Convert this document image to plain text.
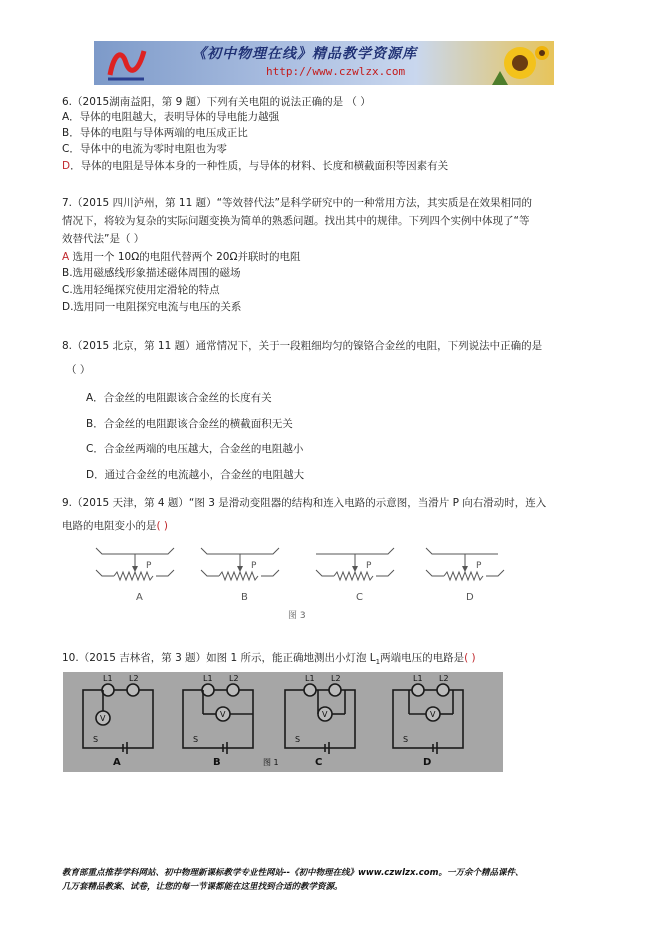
《初中物理在线》精品教学资源库
http://www.czwlzx.com
6.（2015湖南益阳，第 9 题）下列有关电阻的说法正确的是 （ ）
A．导体的电阻越大，表明导体的导电能力越强
B．导体的电阻与导体两端的电压成正比
C．导体中的电流为零时电阻也为零
D．导体的电阻是导体本身的一种性质，与导体的材料、长度和横截面积等因素有关
7.（2015 四川泸州，第 11 题）“等效替代法”是科学研究中的一种常用方法，其实质是在效果相同的
情况下，将较为复杂的实际问题变换为简单的熟悉问题。找出其中的规律。下列四个实例中体现了“等
效替代法”是（ ）
A 选用一个 10Ω的电阻代替两个 20Ω并联时的电阻
B.选用磁感线形象描述磁体周围的磁场
C.选用轻绳探究使用定滑轮的特点
D.选用同一电阻探究电流与电压的关系
8.（2015 北京，第 11 题）通常情况下，关于一段粗细均匀的镍铬合金丝的电阻，下列说法中正确的是
（ ）
A．合金丝的电阻跟该合金丝的长度有关
B．合金丝的电阻跟该合金丝的横截面积无关
C．合金丝两端的电压越大，合金丝的电阻越小
D．通过合金丝的电流越小，合金丝的电阻越大
9.（2015 天津，第 4 题）“图 3 是滑动变阻器的结构和连入电路的示意图，当滑片 P 向右滑动时，连入
电路的电阻变小的是( )
P	P	P	P
A	B	C	D
图 3
10.（2015 吉林省，第 3 题）如图 1 所示，能正确地测出小灯泡 $L_1$两端电压的电路是( )
L1 L2
V
S
L1 L2
V
S
L1 L2
V
S
L1 L2
V
S
A	B	C	D
图 1
教育部重点推荐学科网站、初中物理新课标教学专业性网站--《初中物理在线》www.czwlzx.com。一万余个精品课件、
几万套精品教案、试卷，让您的每一节课都能在这里找到合适的教学资源。
